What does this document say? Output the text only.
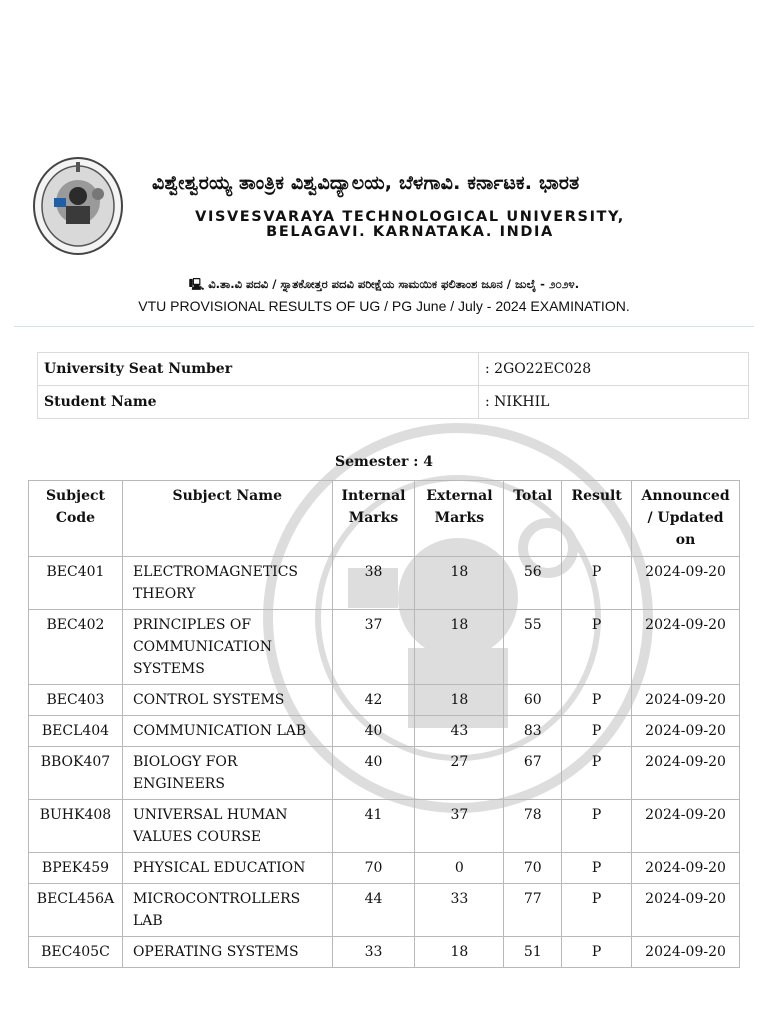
ವಿಶ್ವೇಶ್ವರಯ್ಯ ತಾಂತ್ರಿಕ ವಿಶ್ವವಿದ್ಯಾಲಯ, ಬೆಳಗಾವಿ. ಕರ್ನಾಟಕ. ಭಾರತ
VISVESVARAYA TECHNOLOGICAL UNIVERSITY,
BELAGAVI. KARNATAKA. INDIA
🖳 ವಿ.ತಾ.ವಿ ಪದವಿ / ಸ್ನಾತಕೋತ್ತರ ಪದವಿ ಪರೀಕ್ಷೆಯ ಸಾಮಯಿಕ ಫಲಿತಾಂಶ ಜೂನ / ಜುಲೈ - ೨೦೨೪.
VTU PROVISIONAL RESULTS OF UG / PG June / July - 2024 EXAMINATION.
University Seat Number	: 2GO22EC028
Student Name	: NIKHIL
Semester : 4
Subject Code	Subject Name	Internal Marks	External Marks	Total	Result	Announced / Updated on
BEC401	ELECTROMAGNETICS THEORY	38	18	56	P	2024-09-20
BEC402	PRINCIPLES OF COMMUNICATION SYSTEMS	37	18	55	P	2024-09-20
BEC403	CONTROL SYSTEMS	42	18	60	P	2024-09-20
BECL404	COMMUNICATION LAB	40	43	83	P	2024-09-20
BBOK407	BIOLOGY FOR ENGINEERS	40	27	67	P	2024-09-20
BUHK408	UNIVERSAL HUMAN VALUES COURSE	41	37	78	P	2024-09-20
BPEK459	PHYSICAL EDUCATION	70	0	70	P	2024-09-20
BECL456A	MICROCONTROLLERS LAB	44	33	77	P	2024-09-20
BEC405C	OPERATING SYSTEMS	33	18	51	P	2024-09-20
